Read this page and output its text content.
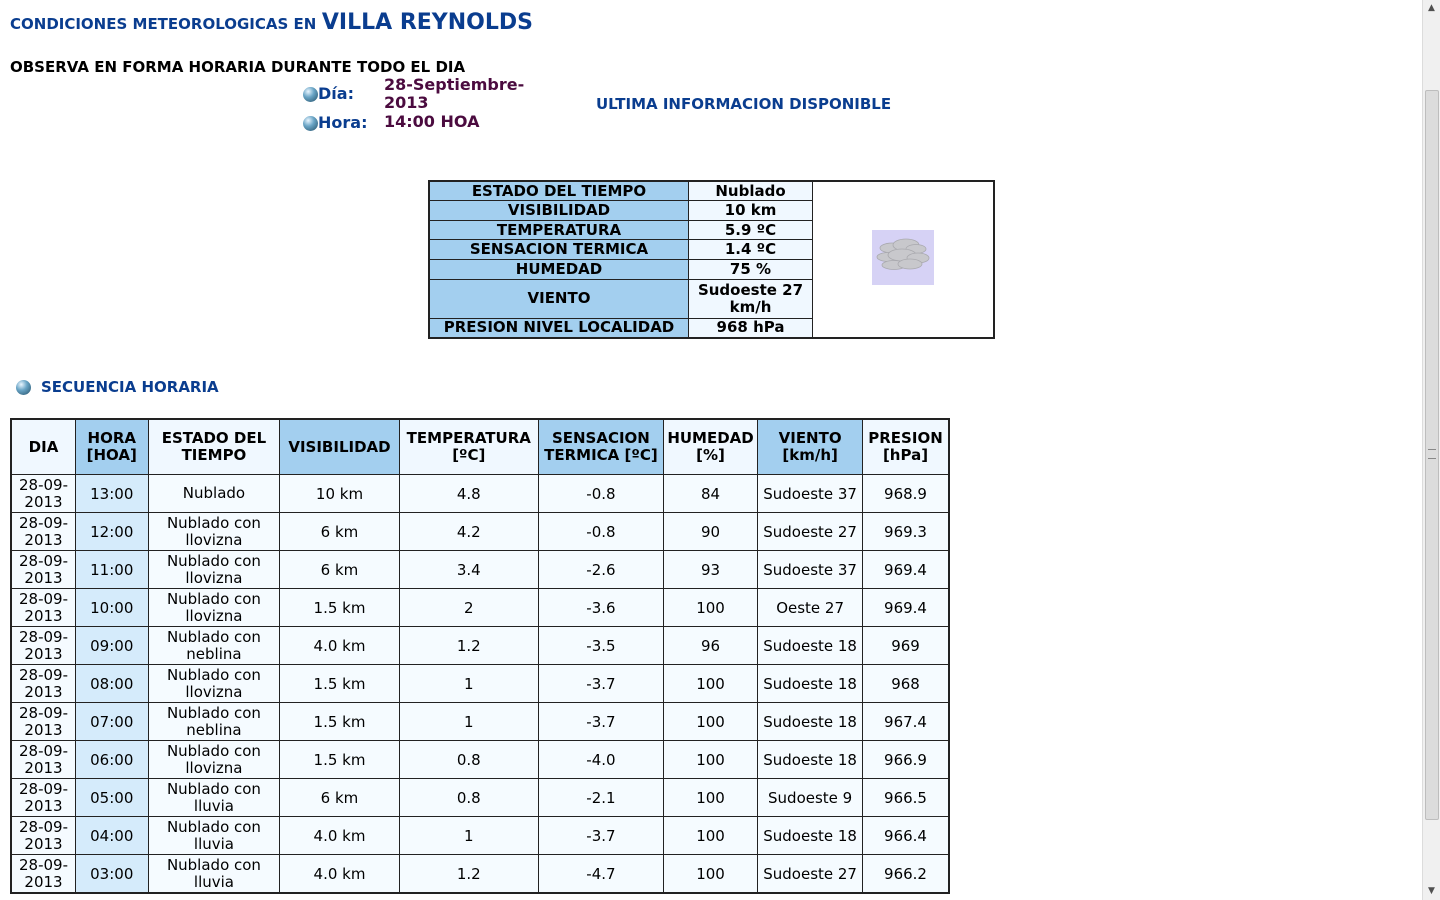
CONDICIONES METEOROLOGICAS EN VILLA REYNOLDS
OBSERVA EN FORMA HORARIA DURANTE TODO EL DIA
Día: 28-Septiembre-2013
Hora: 14:00 HOA
ULTIMA INFORMACION DISPONIBLE
ESTADO DEL TIEMPO	Nublado	

VISIBILIDAD	10 km	
TEMPERATURA	5.9 ºC	
SENSACION TERMICA	1.4 ºC	
HUMEDAD	75 %	
VIENTO	Sudoeste 27 km/h	
PRESION NIVEL LOCALIDAD	968 hPa	
SECUENCIA HORARIA
DIA	HORA [HOA]	ESTADO DEL TIEMPO	VISIBILIDAD	TEMPERATURA [ºC]	SENSACION TERMICA [ºC]	HUMEDAD [%]	VIENTO [km/h]	PRESION [hPa]
28-09-2013	13:00	Nublado	10 km	4.8	-0.8	84	Sudoeste 37	968.9
28-09-2013	12:00	Nublado con llovizna	6 km	4.2	-0.8	90	Sudoeste 27	969.3
28-09-2013	11:00	Nublado con llovizna	6 km	3.4	-2.6	93	Sudoeste 37	969.4
28-09-2013	10:00	Nublado con llovizna	1.5 km	2	-3.6	100	Oeste 27	969.4
28-09-2013	09:00	Nublado con neblina	4.0 km	1.2	-3.5	96	Sudoeste 18	969
28-09-2013	08:00	Nublado con llovizna	1.5 km	1	-3.7	100	Sudoeste 18	968
28-09-2013	07:00	Nublado con neblina	1.5 km	1	-3.7	100	Sudoeste 18	967.4
28-09-2013	06:00	Nublado con llovizna	1.5 km	0.8	-4.0	100	Sudoeste 18	966.9
28-09-2013	05:00	Nublado con lluvia	6 km	0.8	-2.1	100	Sudoeste 9	966.5
28-09-2013	04:00	Nublado con lluvia	4.0 km	1	-3.7	100	Sudoeste 18	966.4
28-09-2013	03:00	Nublado con lluvia	4.0 km	1.2	-4.7	100	Sudoeste 27	966.2
▲
▼
